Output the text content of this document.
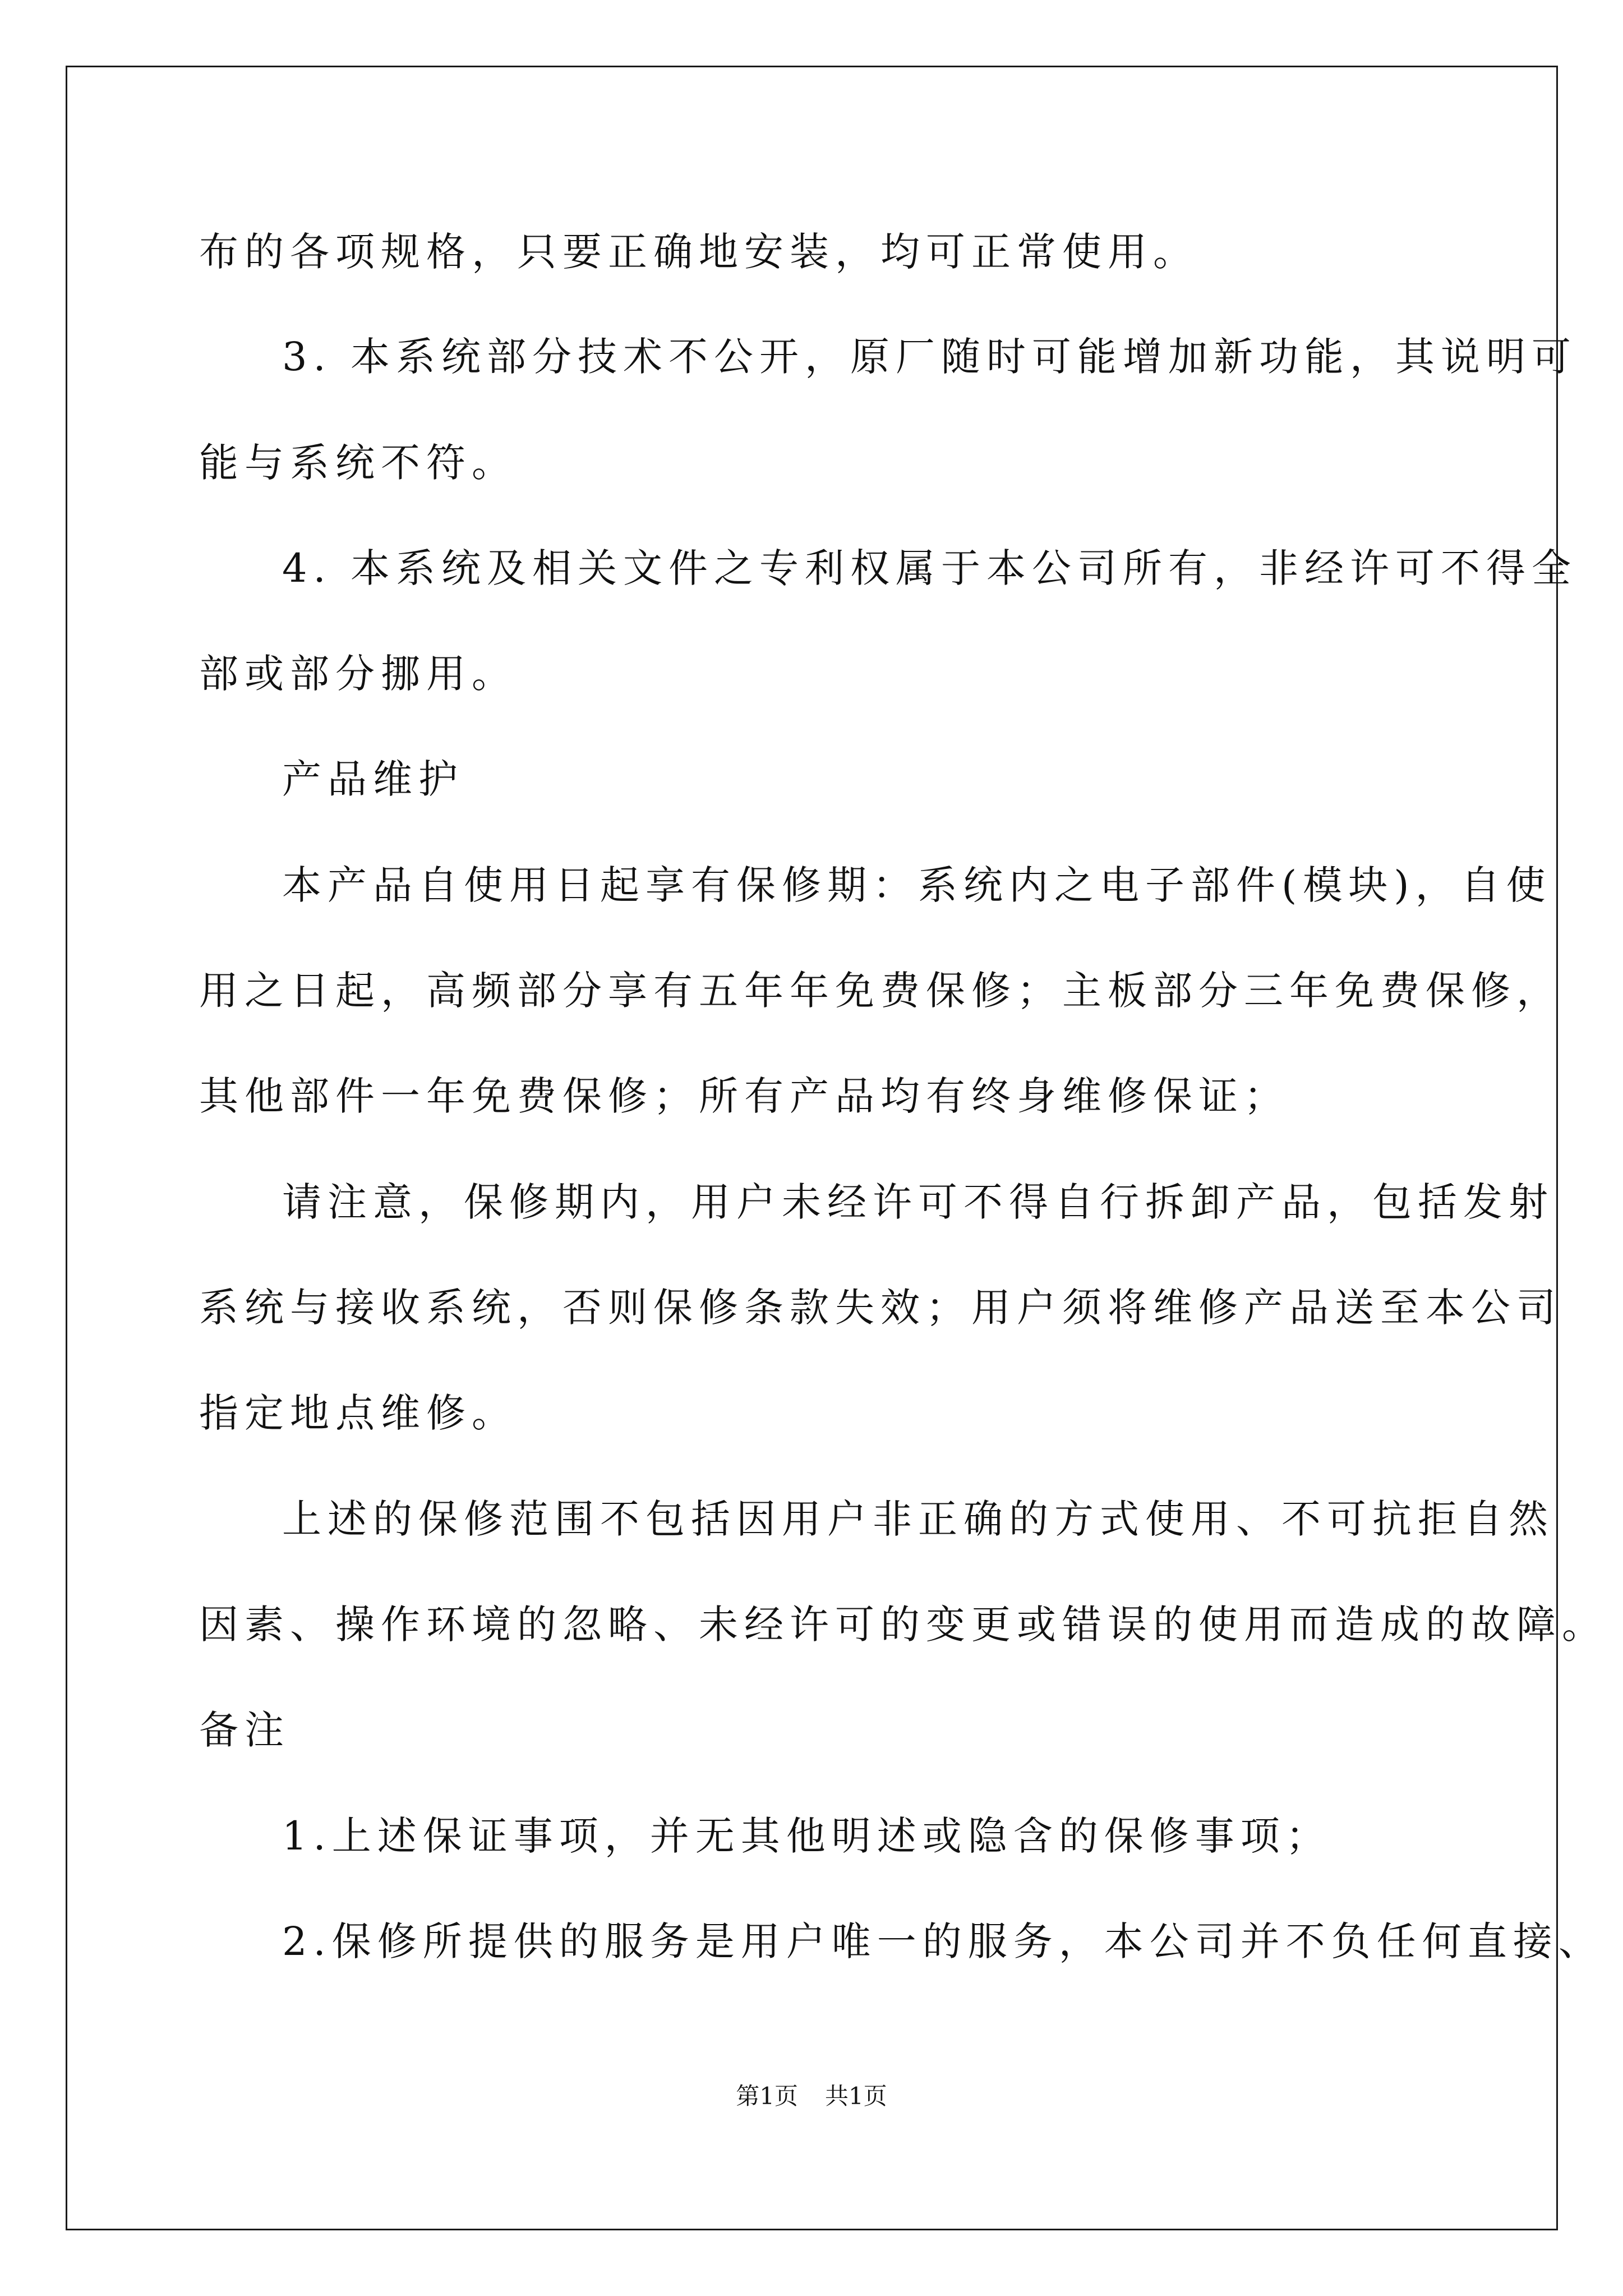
布的各项规格，只要正确地安装，均可正常使用。
3. 本系统部分技术不公开，原厂随时可能增加新功能，其说明可
能与系统不符。
4. 本系统及相关文件之专利权属于本公司所有，非经许可不得全
部或部分挪用。
产品维护
本产品自使用日起享有保修期：系统内之电子部件(模块)，自使
用之日起，高频部分享有五年年免费保修；主板部分三年免费保修，
其他部件一年免费保修；所有产品均有终身维修保证；
请注意，保修期内，用户未经许可不得自行拆卸产品，包括发射
系统与接收系统，否则保修条款失效；用户须将维修产品送至本公司
指定地点维修。
上述的保修范围不包括因用户非正确的方式使用、不可抗拒自然
因素、操作环境的忽略、未经许可的变更或错误的使用而造成的故障。
备注
1.上述保证事项，并无其他明述或隐含的保修事项；
2.保修所提供的服务是用户唯一的服务，本公司并不负任何直接、
第1页 共1页
